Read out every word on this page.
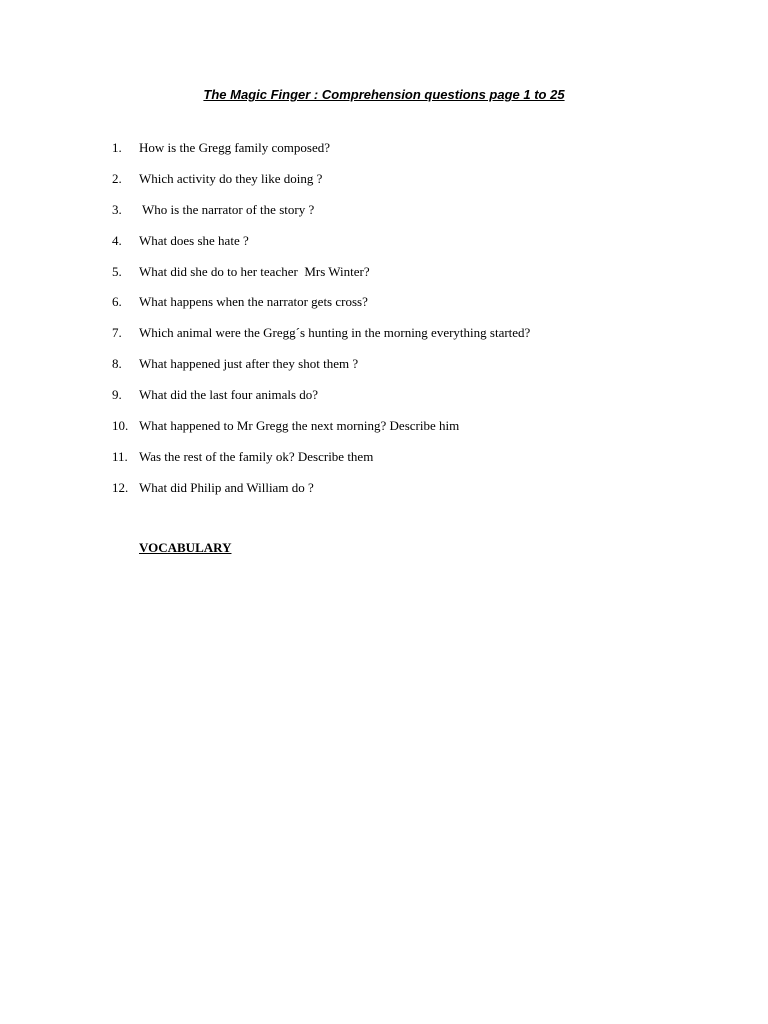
The Magic Finger : Comprehension questions page 1 to 25
1.	How is the Gregg family composed?
2.	Which activity do they like doing ?
3.	Who is the narrator of the story ?
4.	What does she hate ?
5.	What did she do to her teacher  Mrs Winter?
6.	What happens when the narrator gets cross?
7.	Which animal were the Gregg´s hunting in the morning everything started?
8.	What happened just after they shot them ?
9.	What did the last four animals do?
10. What happened to Mr Gregg the next morning? Describe him
11. Was the rest of the family ok? Describe them
12. What did Philip and William do ?
VOCABULARY
